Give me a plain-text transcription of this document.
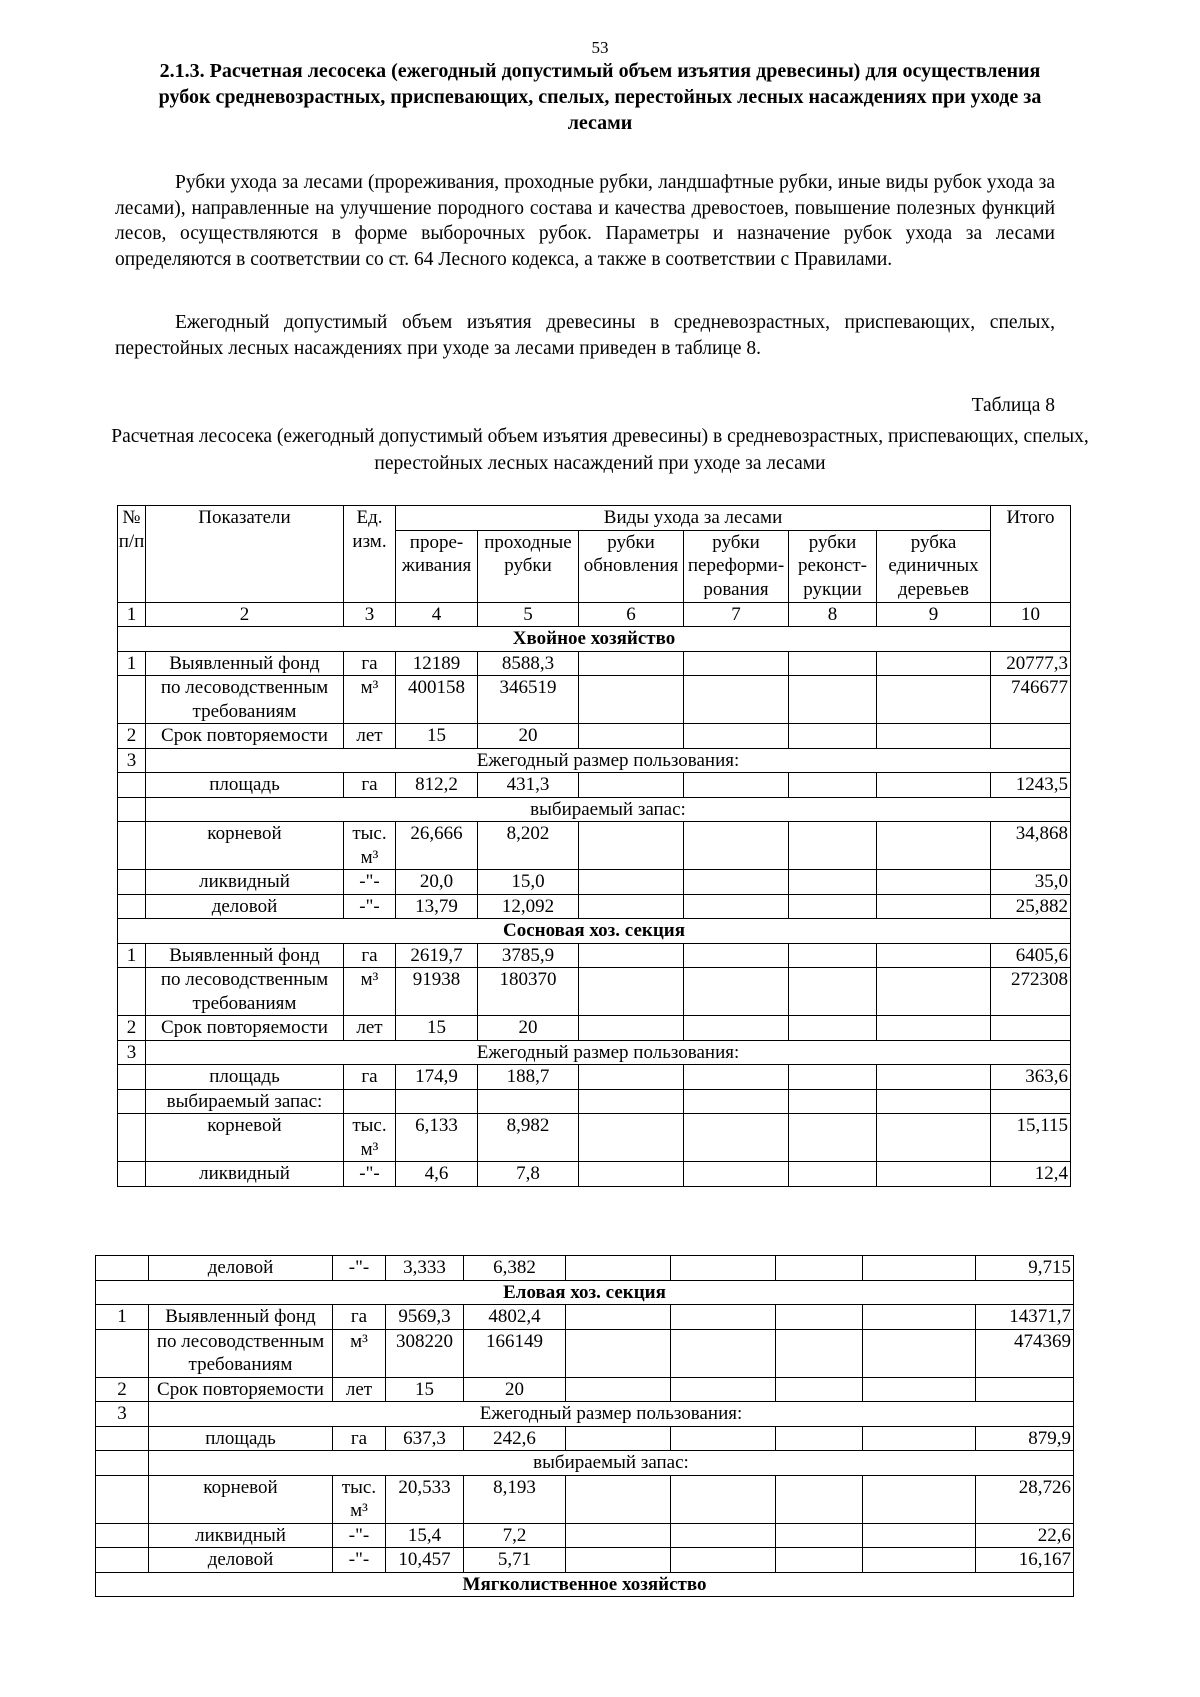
53
2.1.3. Расчетная лесосека (ежегодный допустимый объем изъятия древесины) для осуществления рубок средневозрастных, приспевающих, спелых, перестойных лесных насаждениях при уходе за лесами
Рубки ухода за лесами (прореживания, проходные рубки, ландшафтные рубки, иные виды рубок ухода за лесами), направленные на улучшение породного состава и качества древостоев, повышение полезных функций лесов, осуществляются в форме выборочных рубок. Параметры и назначение рубок ухода за лесами определяются в соответствии со ст. 64 Лесного кодекса, а также в соответствии с Правилами.
Ежегодный допустимый объем изъятия древесины в средневозрастных, приспевающих, спелых, перестойных лесных насаждениях при уходе за лесами приведен в таблице 8.
Таблица 8
Расчетная лесосека (ежегодный допустимый объем изъятия древесины) в средневозрастных, приспевающих, спелых, перестойных лесных насаждений при уходе за лесами
№ п/п	Показатели	Ед. изм.	Виды ухода за лесами						Итого
			проре-живания	проходные рубки	рубки обновления	рубки переформи-рования	рубки реконст-рукции	рубка единичных деревьев	
1	2	3	4	5	6	7	8	9	10
Хвойное хозяйство									
1	Выявленный фонд	га	12189	8588,3					20777,3
	по лесоводственным требованиям	м³	400158	346519					746677
2	Срок повторяемости	лет	15	20					
3	Ежегодный размер пользования:								
	площадь	га	812,2	431,3					1243,5
	выбираемый запас:								
	корневой	тыс. м³	26,666	8,202					34,868
	ликвидный	-"-	20,0	15,0					35,0
	деловой	-"-	13,79	12,092					25,882
Сосновая хоз. секция									
1	Выявленный фонд	га	2619,7	3785,9					6405,6
	по лесоводственным требованиям	м³	91938	180370					272308
2	Срок повторяемости	лет	15	20					
3	Ежегодный размер пользования:								
	площадь	га	174,9	188,7					363,6
	выбираемый запас:								
	корневой	тыс. м³	6,133	8,982					15,115
	ликвидный	-"-	4,6	7,8					12,4
	деловой	-"-	3,333	6,382					9,715
Еловая хоз. секция									
1	Выявленный фонд	га	9569,3	4802,4					14371,7
	по лесоводственным требованиям	м³	308220	166149					474369
2	Срок повторяемости	лет	15	20					
3	Ежегодный размер пользования:								
	площадь	га	637,3	242,6					879,9
	выбираемый запас:								
	корневой	тыс. м³	20,533	8,193					28,726
	ликвидный	-"-	15,4	7,2					22,6
	деловой	-"-	10,457	5,71					16,167
Мягколиственное хозяйство									
